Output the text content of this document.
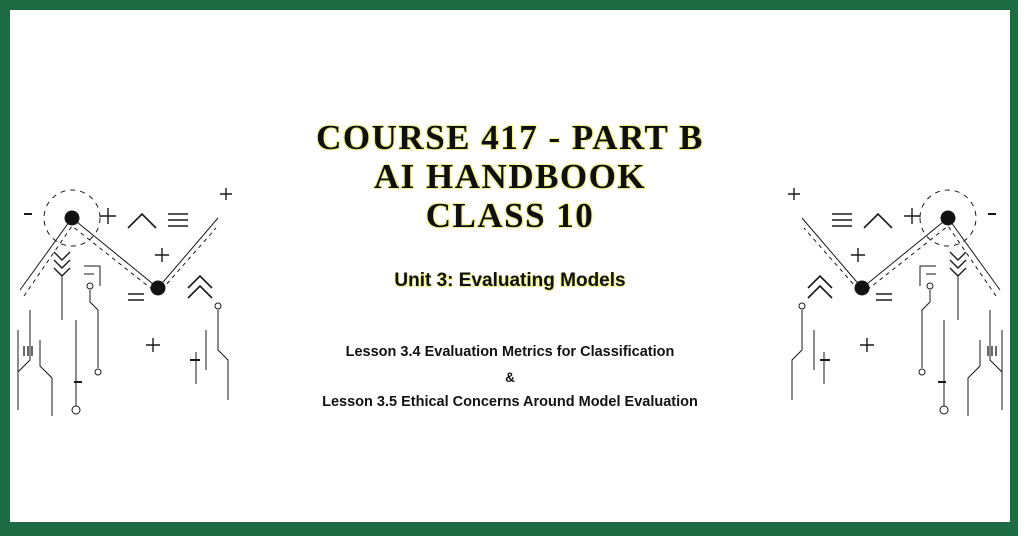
COURSE 417 - PART B
AI HANDBOOK
CLASS 10
Unit 3: Evaluating Models
Lesson 3.4 Evaluation Metrics for Classification
&
Lesson 3.5 Ethical Concerns Around Model Evaluation
